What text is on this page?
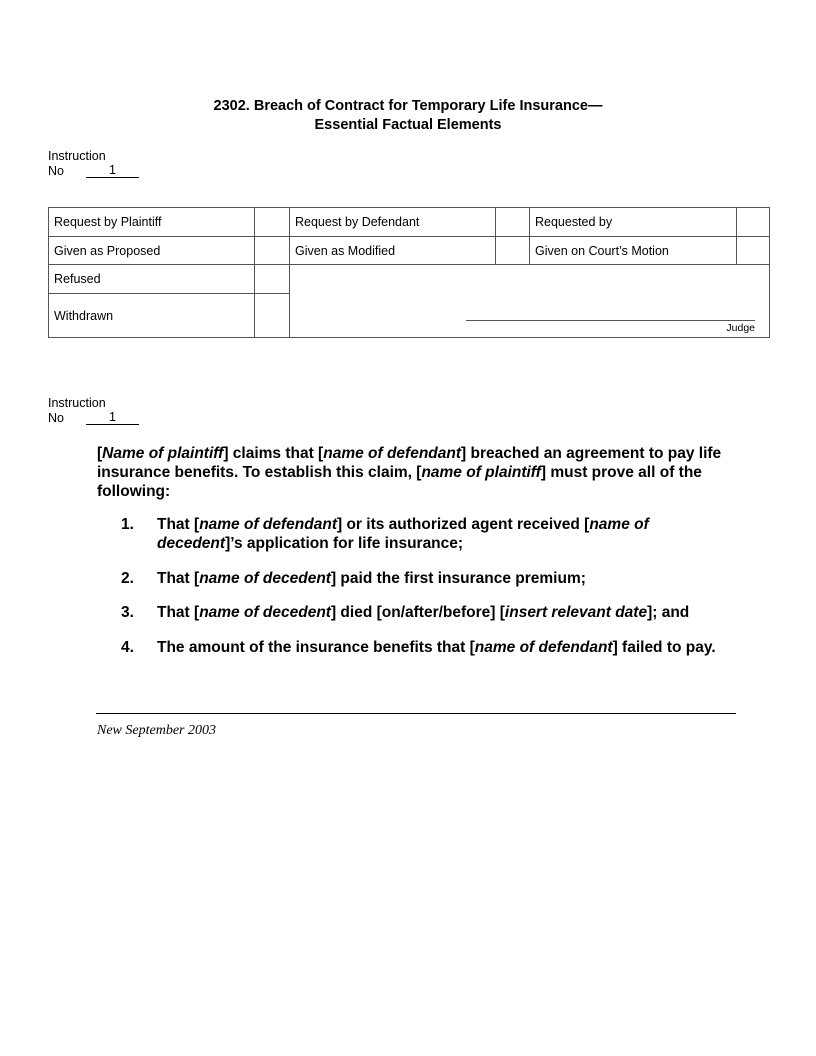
2302. Breach of Contract for Temporary Life Insurance—
Essential Factual Elements
Instruction
No	1
Request by Plaintiff		Request by Defendant		Requested by	
Given as Proposed		Given as Modified		Given on Court’s Motion	
Refused		Judge			

Withdrawn					
Instruction
No	1

[Name of plaintiff] claims that [name of defendant] breached an agreement to pay life insurance benefits. To establish this claim, [name of plaintiff] must prove all of the following:

1.	That [name of defendant] or its authorized agent received [name of decedent]’s application for life insurance;
2.	That [name of decedent] paid the first insurance premium;
3.	That [name of decedent] died [on/after/before] [insert relevant date]; and
4.	The amount of the insurance benefits that [name of defendant] failed to pay.
New September 2003
